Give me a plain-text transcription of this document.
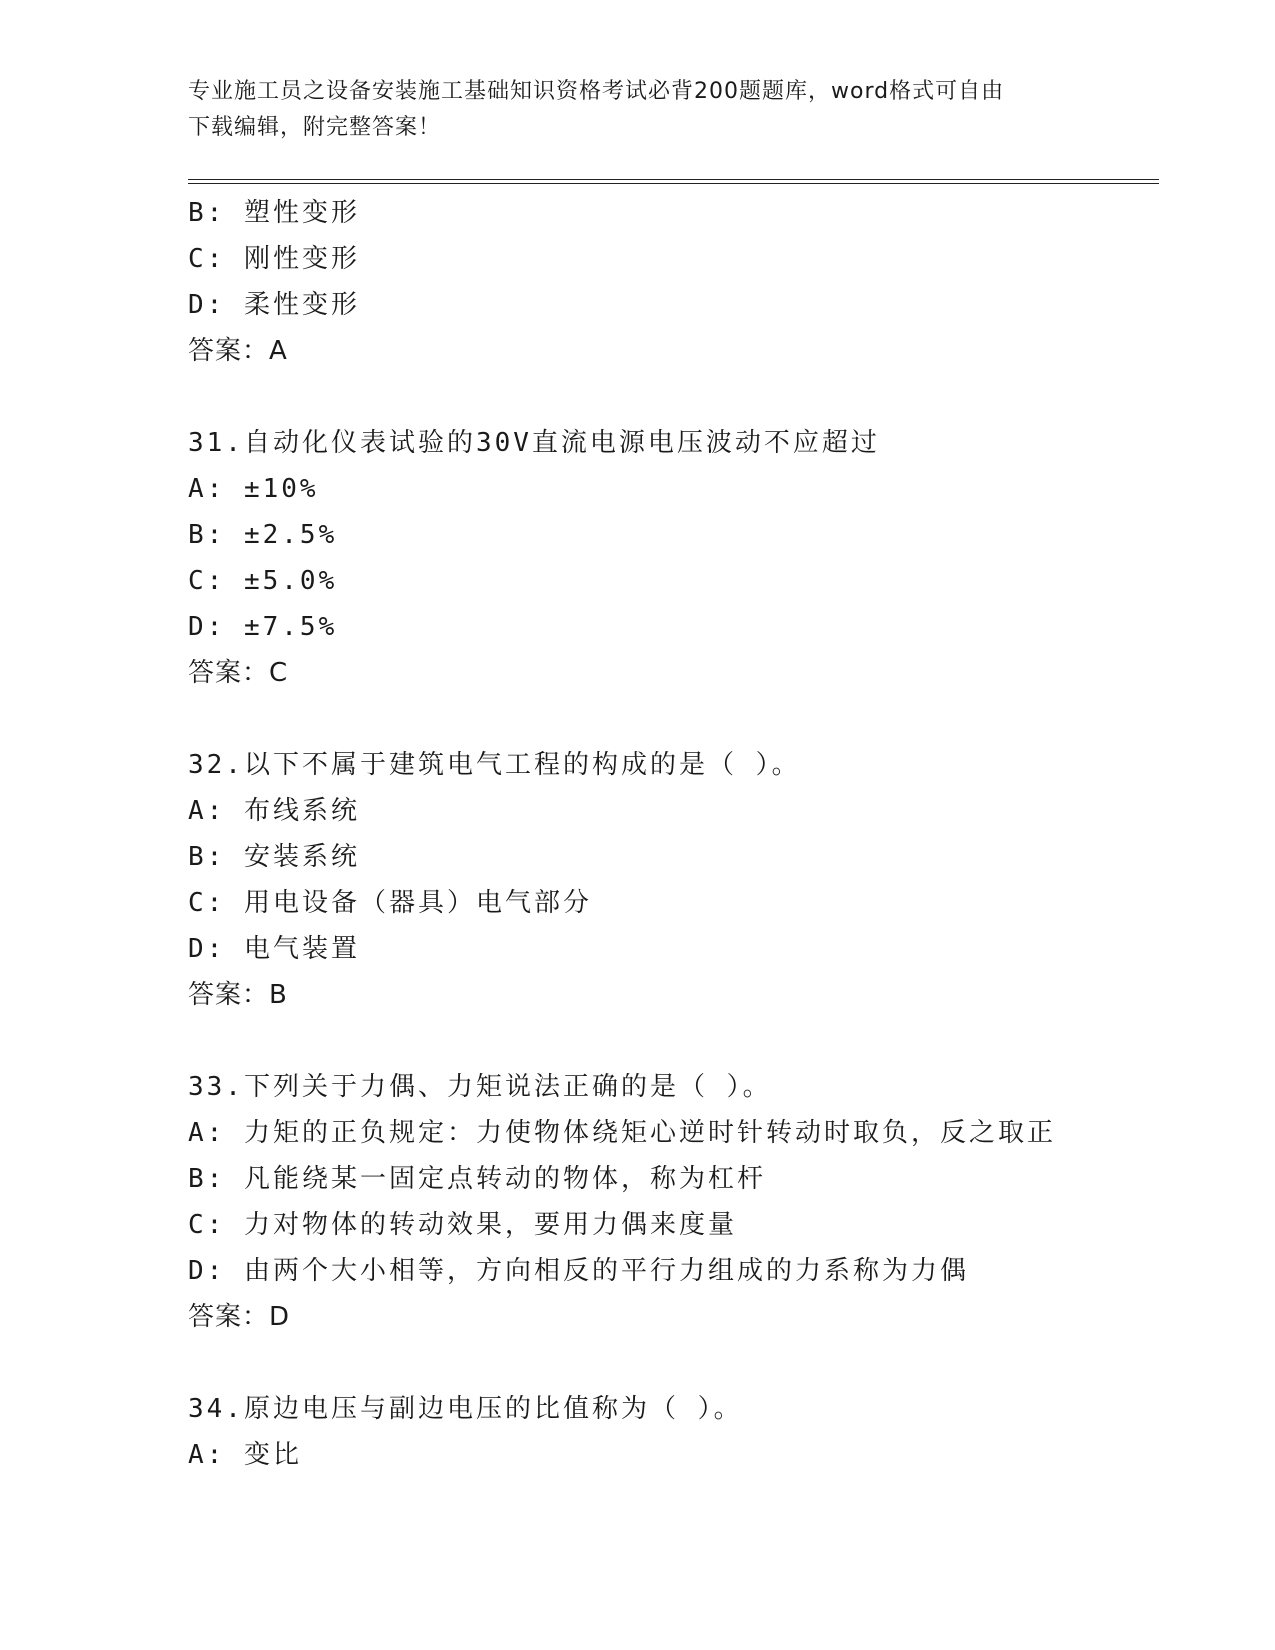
专业施工员之设备安装施工基础知识资格考试必背200题题库，word格式可自由
下载编辑，附完整答案！
B: 塑性变形
C: 刚性变形
D: 柔性变形
答案：A
31.自动化仪表试验的30V直流电源电压波动不应超过
A: ±10%
B: ±2.5%
C: ±5.0%
D: ±7.5%
答案：C
32.以下不属于建筑电气工程的构成的是（ ）。
A: 布线系统
B: 安装系统
C: 用电设备（器具）电气部分
D: 电气装置
答案：B
33.下列关于力偶、力矩说法正确的是（ ）。
A: 力矩的正负规定：力使物体绕矩心逆时针转动时取负，反之取正
B: 凡能绕某一固定点转动的物体，称为杠杆
C: 力对物体的转动效果，要用力偶来度量
D: 由两个大小相等，方向相反的平行力组成的力系称为力偶
答案：D
34.原边电压与副边电压的比值称为（ ）。
A: 变比
